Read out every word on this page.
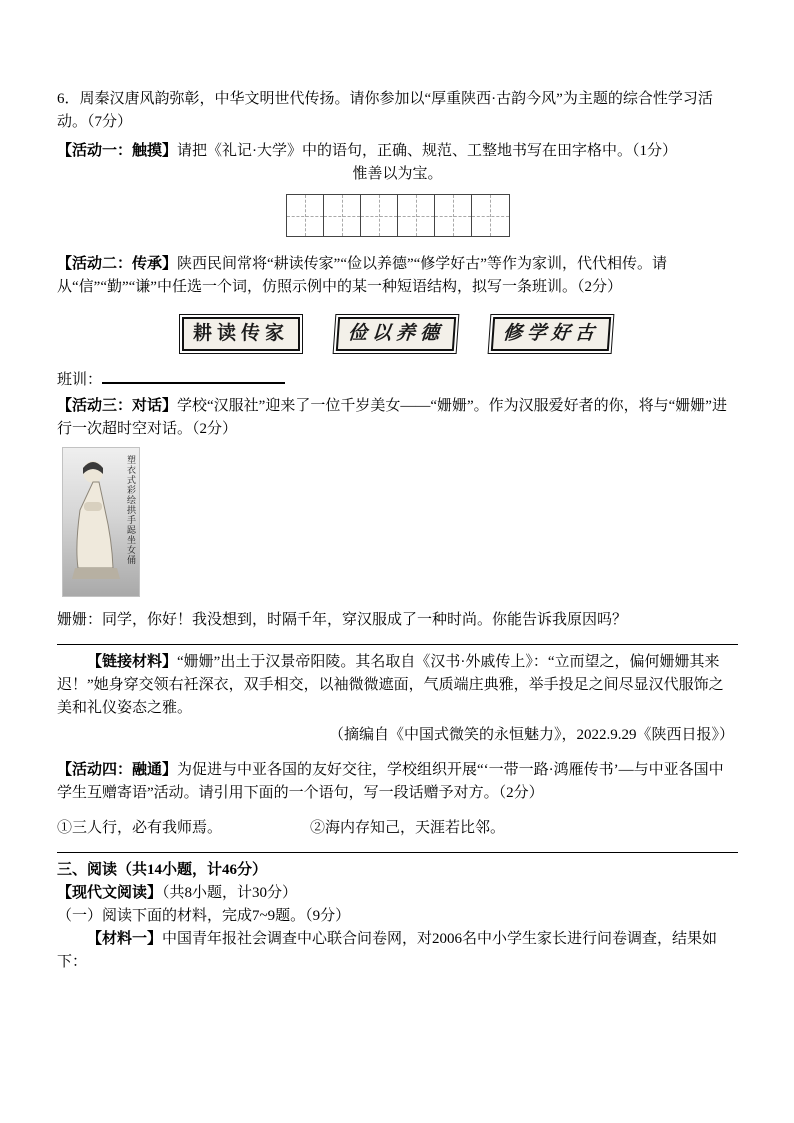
6．周秦汉唐风韵弥彰，中华文明世代传扬。请你参加以“厚重陕西·古韵今风”为主题的综合性学习活动。（7分）

【活动一：触摸】请把《礼记·大学》中的语句，正确、规范、工整地书写在田字格中。（1分）

惟善以为宝。

【活动二：传承】陕西民间常将“耕读传家”“俭以养德”“修学好古”等作为家训，代代相传。请从“信”“勤”“谦”中任选一个词，仿照示例中的某一种短语结构，拟写一条班训。（2分）

耕读传家	俭以养德	修学好古

班训：

【活动三：对话】学校“汉服社”迎来了一位千岁美女——“姗姗”。作为汉服爱好者的你，将与“姗姗”进行一次超时空对话。（2分）

塑衣式彩绘拱手跽坐女俑

姗姗：同学，你好！我没想到，时隔千年，穿汉服成了一种时尚。你能告诉我原因吗？

【链接材料】“姗姗”出土于汉景帝阳陵。其名取自《汉书·外戚传上》：“立而望之，偏何姗姗其来迟！”她身穿交领右衽深衣，双手相交，以袖微微遮面，气质端庄典雅，举手投足之间尽显汉代服饰之美和礼仪姿态之雅。

（摘编自《中国式微笑的永恒魅力》，2022.9.29《陕西日报》）

【活动四：融通】为促进与中亚各国的友好交往，学校组织开展“‘一带一路·鸿雁传书’—与中亚各国中学生互赠寄语”活动。请引用下面的一个语句，写一段话赠予对方。（2分）

①三人行，必有我师焉。	②海内存知己，天涯若比邻。

三、阅读（共14小题，计46分）

【现代文阅读】（共8小题，计30分）

（一）阅读下面的材料，完成7~9题。（9分）

【材料一】中国青年报社会调查中心联合问卷网，对2006名中小学生家长进行问卷调查，结果如下：
